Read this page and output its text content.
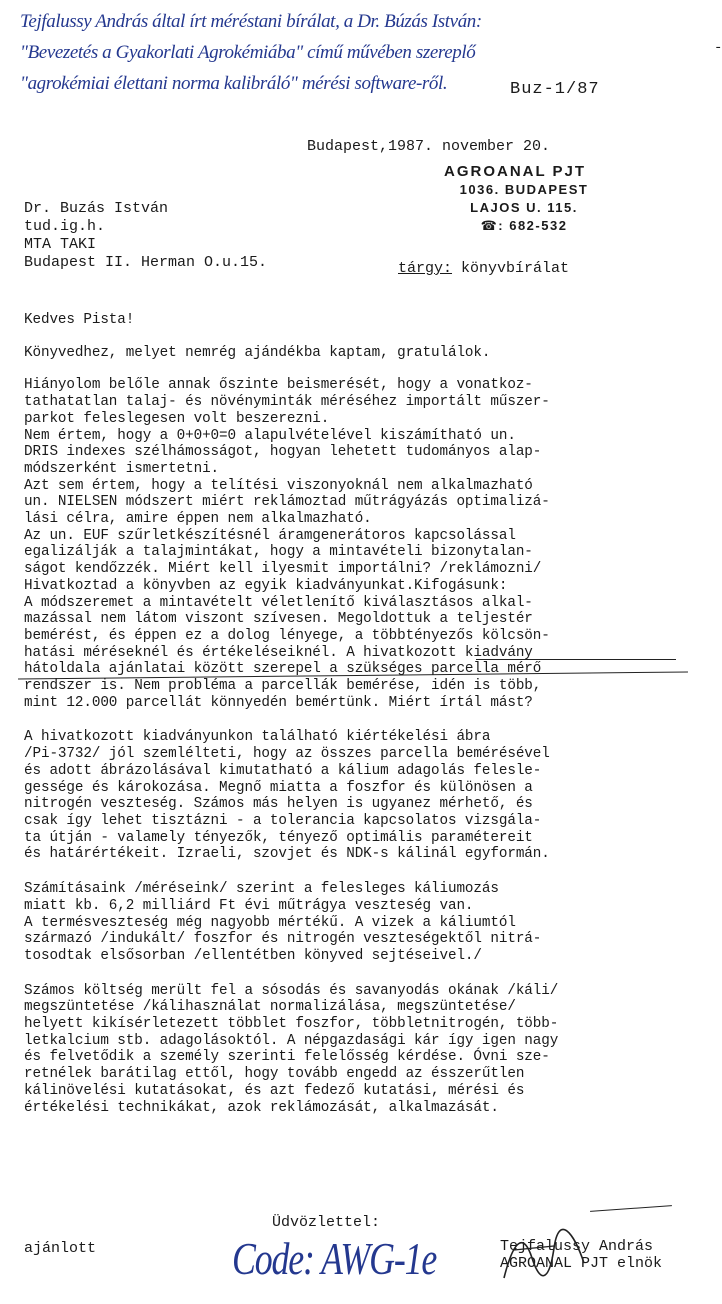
Tejfalussy András által írt méréstani bírálat, a Dr. Búzás István:
"Bevezetés a Gyakorlati Agrokémiába" című művében szereplő
"agrokémiai élettani norma kalibráló" mérési software-ről.
-
Buz-1/87
Budapest,1987. november 20.
AGROANAL PJT
1036. BUDAPEST
LAJOS U. 115.
☎: 682-532
Dr. Buzás István
tud.ig.h.
MTA TAKI
Budapest II. Herman O.u.15.	tárgy: könyvbírálat

Kedves Pista!

Könyvedhez, melyet nemrég ajándékba kaptam, gratulálok.

Hiányolom belőle annak őszinte beismerését, hogy a vonatkoz-
tathatatlan talaj- és növényminták méréséhez importált műszer-
parkot feleslegesen volt beszerezni.
Nem értem, hogy a 0+0+0=0 alapulvételével kiszámítható un.
DRIS indexes szélhámosságot, hogyan lehetett tudományos alap-
módszerként ismertetni.
Azt sem értem, hogy a telítési viszonyoknál nem alkalmazható
un. NIELSEN módszert miért reklámoztad műtrágyázás optimalizá-
lási célra, amire éppen nem alkalmazható.
Az un. EUF szűrletkészítésnél áramgenerátoros kapcsolással
egalizálják a talajmintákat, hogy a mintavételi bizonytalan-
ságot kendőzzék. Miért kell ilyesmit importálni? /reklámozni/
Hivatkoztad a könyvben az egyik kiadványunkat.Kifogásunk:
A módszeremet a mintavételt véletlenítő kiválasztásos alkal-
mazással nem látom viszont szívesen. Megoldottuk a teljestér
bemérést, és éppen ez a dolog lényege, a többtényezős kölcsön-
hatási méréseknél és értékeléseiknél. A hivatkozott kiadvány
hátoldala ajánlatai között szerepel a szükséges parcella mérő
rendszer is. Nem probléma a parcellák bemérése, idén is több,
mint 12.000 parcellát könnyedén bemértünk. Miért írtál mást?

A hivatkozott kiadványunkon található kiértékelési ábra
/Pi-3732/ jól szemlélteti, hogy az összes parcella bemérésével
és adott ábrázolásával kimutatható a kálium adagolás felesle-
gessége és károkozása. Megnő miatta a foszfor és különösen a
nitrogén veszteség. Számos más helyen is ugyanez mérhető, és
csak így lehet tisztázni - a tolerancia kapcsolatos vizsgála-
ta útján - valamely tényezők, tényező optimális paramétereit
és határértékeit. Izraeli, szovjet és NDK-s kálinál egyformán.

Számításaink /méréseink/ szerint a felesleges káliumozás
miatt kb. 6,2 milliárd Ft évi műtrágya veszteség van.
A termésveszteség még nagyobb mértékű. A vizek a káliumtól
származó /indukált/ foszfor és nitrogén veszteségektől nitrá-
tosodtak elsősorban /ellentétben könyved sejtéseivel./

Számos költség merült fel a sósodás és savanyodás okának /káli/
megszüntetése /kálihasználat normalizálása, megszüntetése/
helyett kikísérletezett többlet foszfor, többletnitrogén, több-
letkalcium stb. adagolásoktól. A népgazdasági kár így igen nagy
és felvetődik a személy szerinti felelősség kérdése. Óvni sze-
retnélek barátilag ettől, hogy tovább engedd az ésszerűtlen
kálinövelési kutatásokat, és azt fedező kutatási, mérési és
értékelési technikákat, azok reklámozását, alkalmazását.

Üdvözlettel:
ajánlott	Code: AWG-1e	Tejfalussy András
AGROANAL PJT elnök
